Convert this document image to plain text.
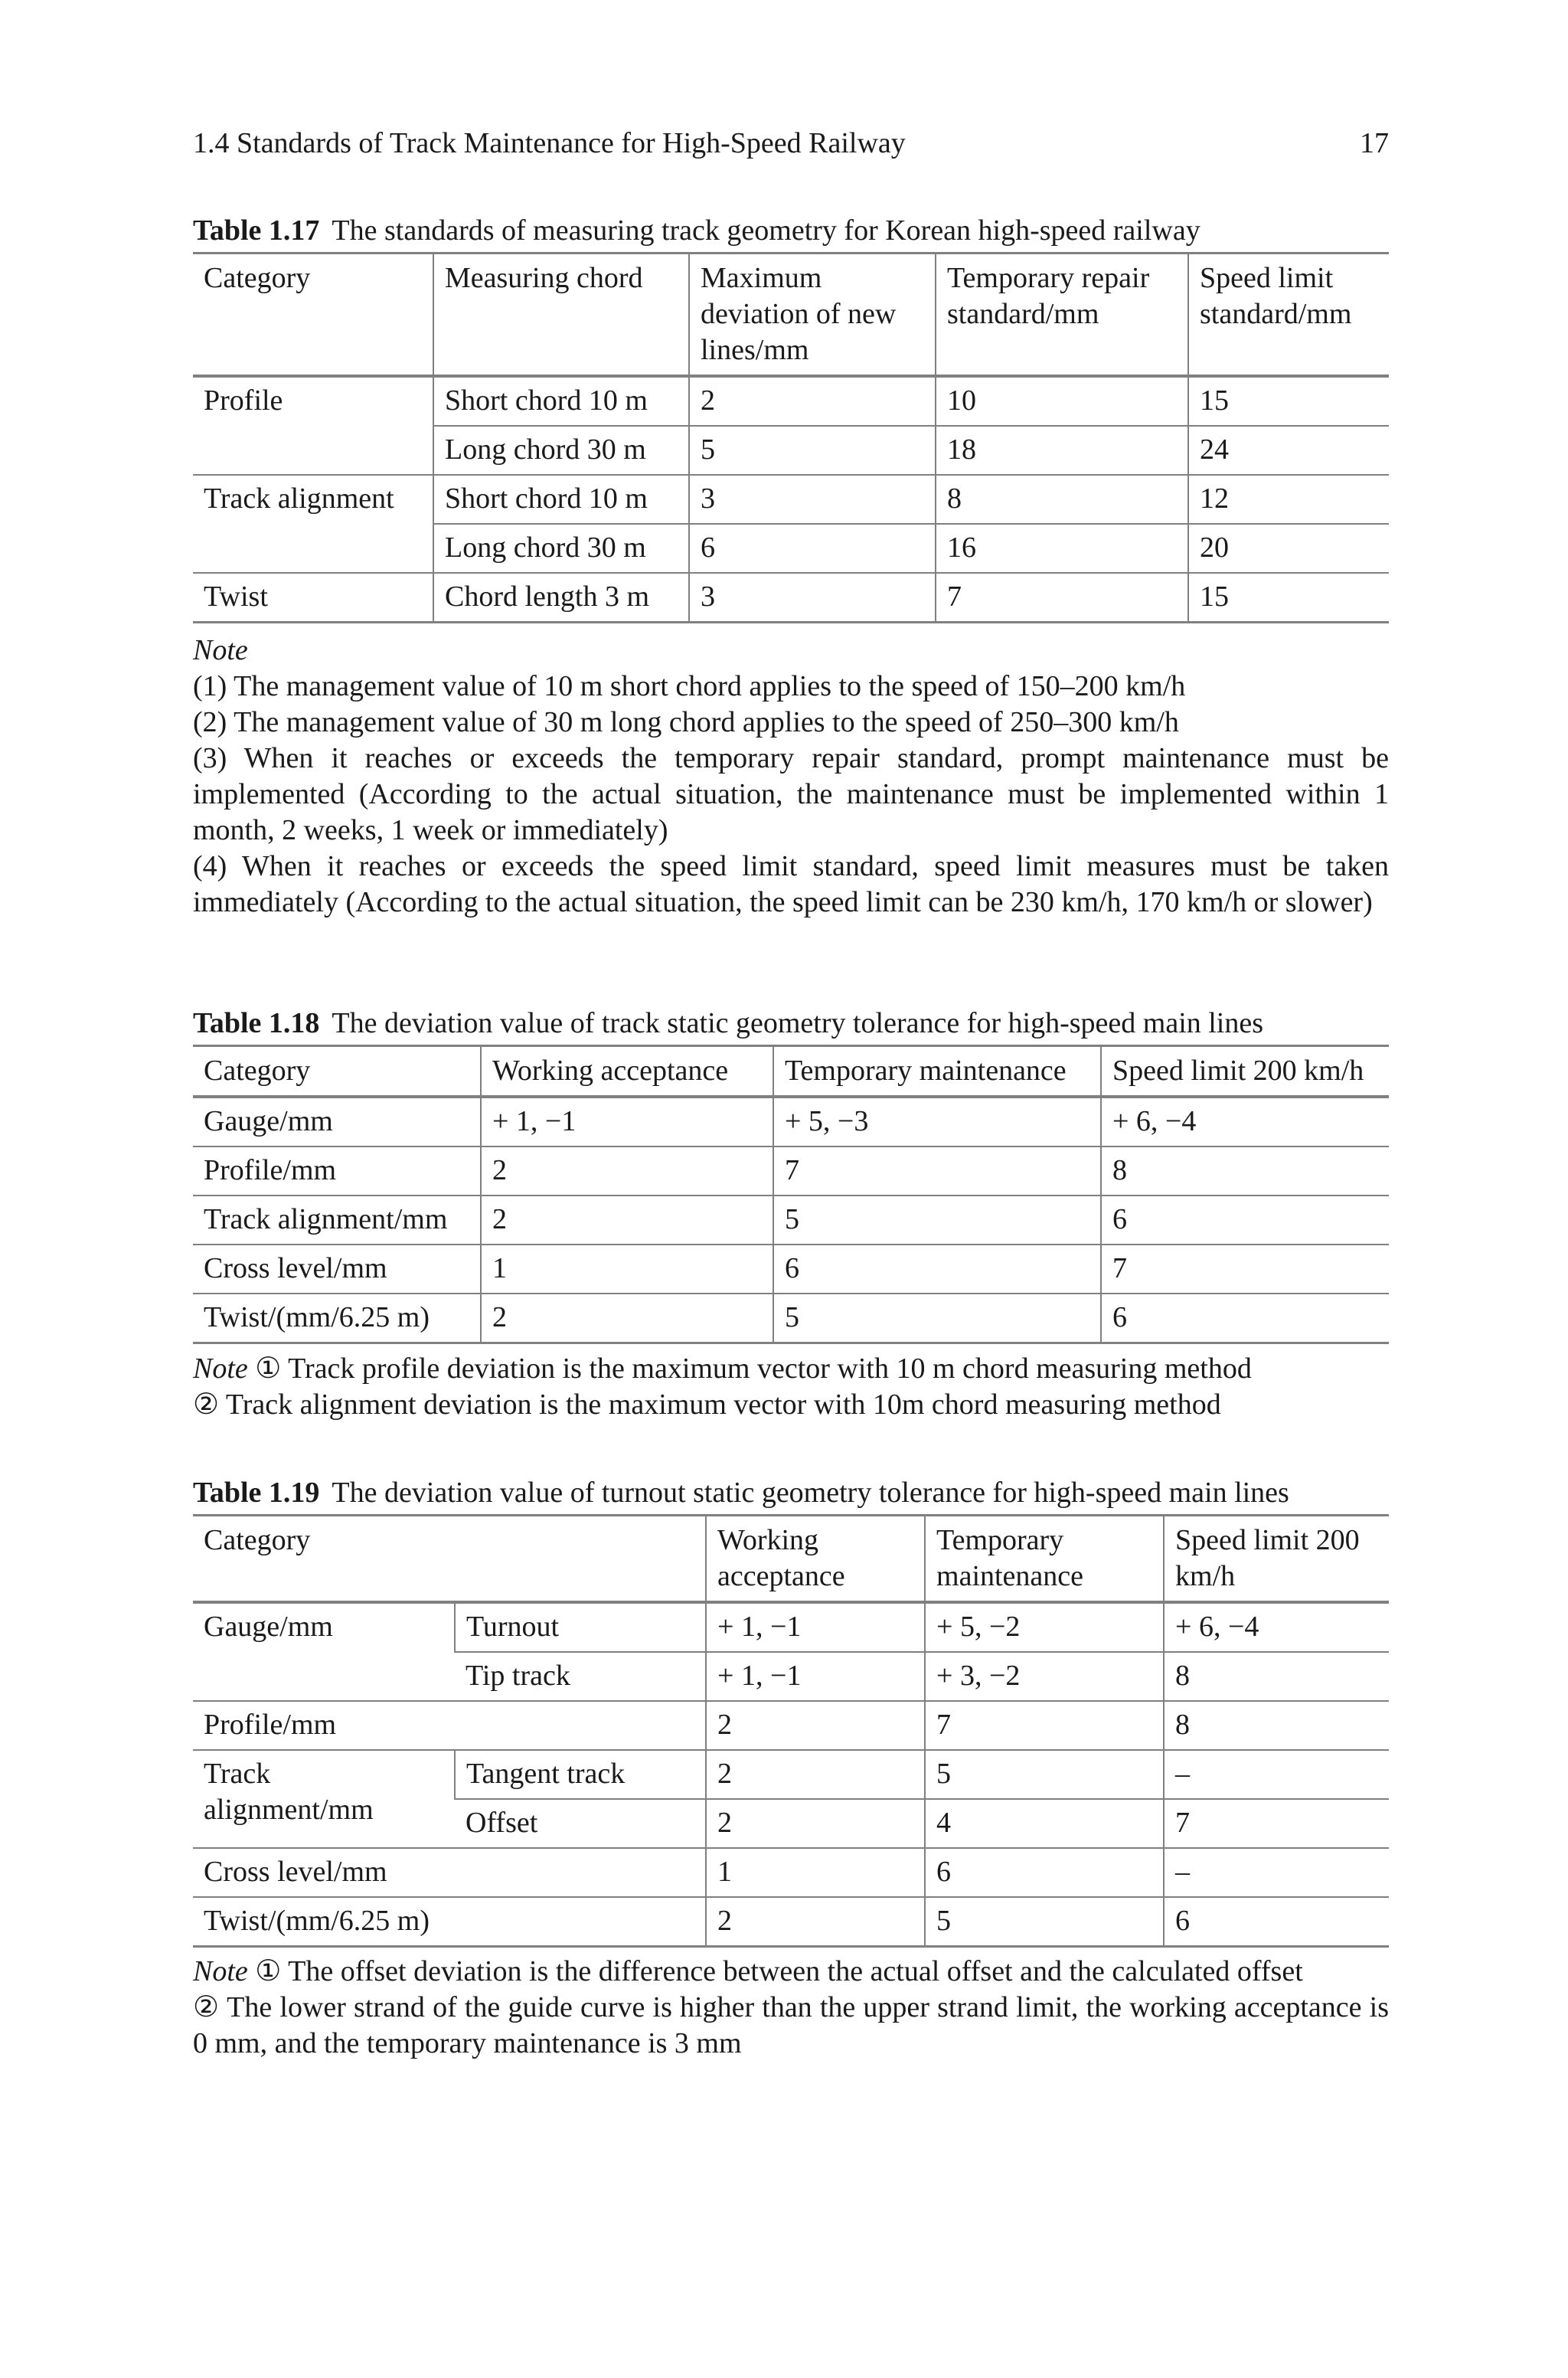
1.4 Standards of Track Maintenance for High-Speed Railway	17
Table 1.17 The standards of measuring track geometry for Korean high-speed railway
Category	Measuring chord	Maximum deviation of new lines/mm	Temporary repair standard/mm	Speed limit standard/mm
Profile	Short chord 10 m	2	10	15
	Long chord 30 m	5	18	24
Track alignment	Short chord 10 m	3	8	12
	Long chord 30 m	6	16	20
Twist	Chord length 3 m	3	7	15

Note

(1) The management value of 10 m short chord applies to the speed of 150–200 km/h

(2) The management value of 30 m long chord applies to the speed of 250–300 km/h

(3) When it reaches or exceeds the temporary repair standard, prompt maintenance must be implemented (According to the actual situation, the maintenance must be implemented within 1 month, 2 weeks, 1 week or immediately)

(4) When it reaches or exceeds the speed limit standard, speed limit measures must be taken immediately (According to the actual situation, the speed limit can be 230 km/h, 170 km/h or slower)

Table 1.18 The deviation value of track static geometry tolerance for high-speed main lines
Category	Working acceptance	Temporary maintenance	Speed limit 200 km/h
Gauge/mm	+ 1, −1	+ 5, −3	+ 6, −4
Profile/mm	2	7	8
Track alignment/mm	2	5	6
Cross level/mm	1	6	7
Twist/(mm/6.25 m)	2	5	6

Note ① Track profile deviation is the maximum vector with 10 m chord measuring method

② Track alignment deviation is the maximum vector with 10m chord measuring method

Table 1.19 The deviation value of turnout static geometry tolerance for high-speed main lines
Category		Working acceptance	Temporary maintenance	Speed limit 200 km/h
Gauge/mm	Turnout	+ 1, −1	+ 5, −2	+ 6, −4
	Tip track	+ 1, −1	+ 3, −2	8
Profile/mm		2	7	8
Track alignment/mm	Tangent track	2	5	–
	Offset	2	4	7
Cross level/mm		1	6	–
Twist/(mm/6.25 m)		2	5	6

Note ① The offset deviation is the difference between the actual offset and the calculated offset

② The lower strand of the guide curve is higher than the upper strand limit, the working acceptance is 0 mm, and the temporary maintenance is 3 mm
